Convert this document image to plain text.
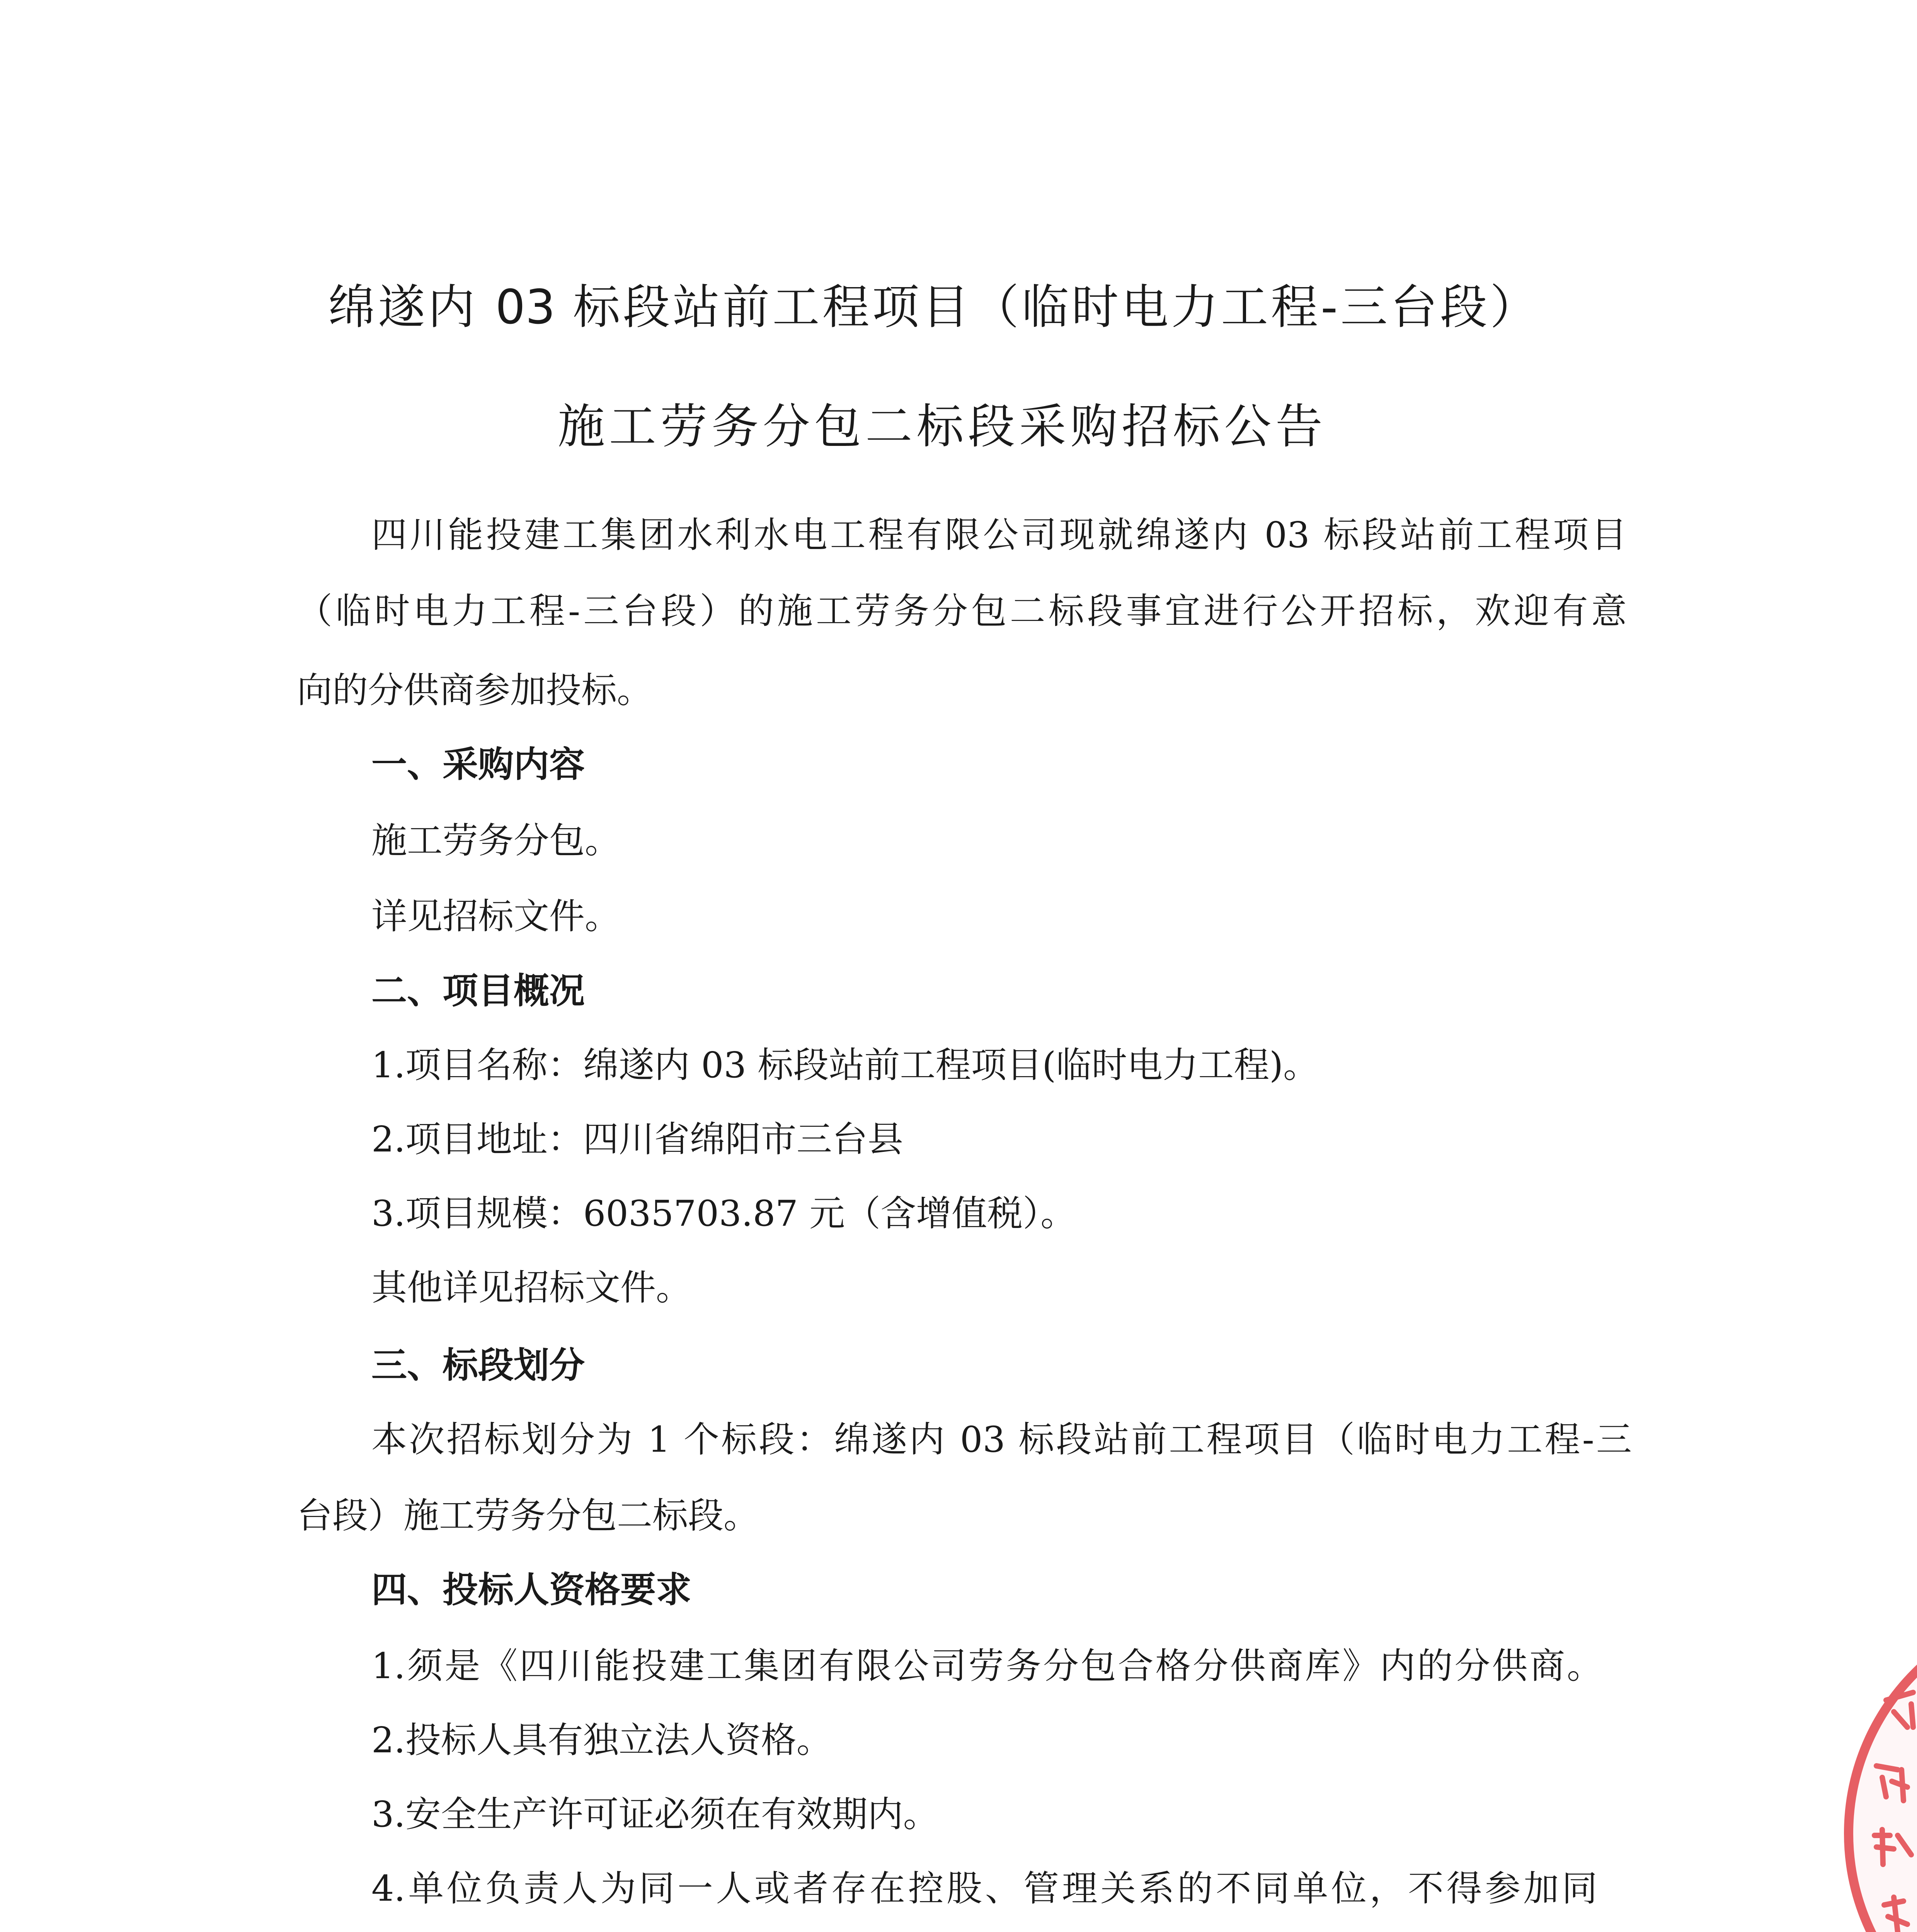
绵遂内 03 标段站前工程项目（临时电力工程-三台段）
施工劳务分包二标段采购招标公告
四川能投建工集团水利水电工程有限公司现就绵遂内 03 标段站前工程项目
（临时电力工程-三台段）的施工劳务分包二标段事宜进行公开招标，欢迎有意
向的分供商参加投标。
一、采购内容
施工劳务分包。
详见招标文件。
二、项目概况
1.项目名称：绵遂内 03 标段站前工程项目(临时电力工程)。
2.项目地址：四川省绵阳市三台县
3.项目规模：6035703.87 元（含增值税）。
其他详见招标文件。
三、标段划分
本次招标划分为 1 个标段：绵遂内 03 标段站前工程项目（临时电力工程-三
台段）施工劳务分包二标段。
四、投标人资格要求
1.须是《四川能投建工集团有限公司劳务分包合格分供商库》内的分供商。
2.投标人具有独立法人资格。
3.安全生产许可证必须在有效期内。
4.单位负责人为同一人或者存在控股、管理关系的不同单位，不得参加同
